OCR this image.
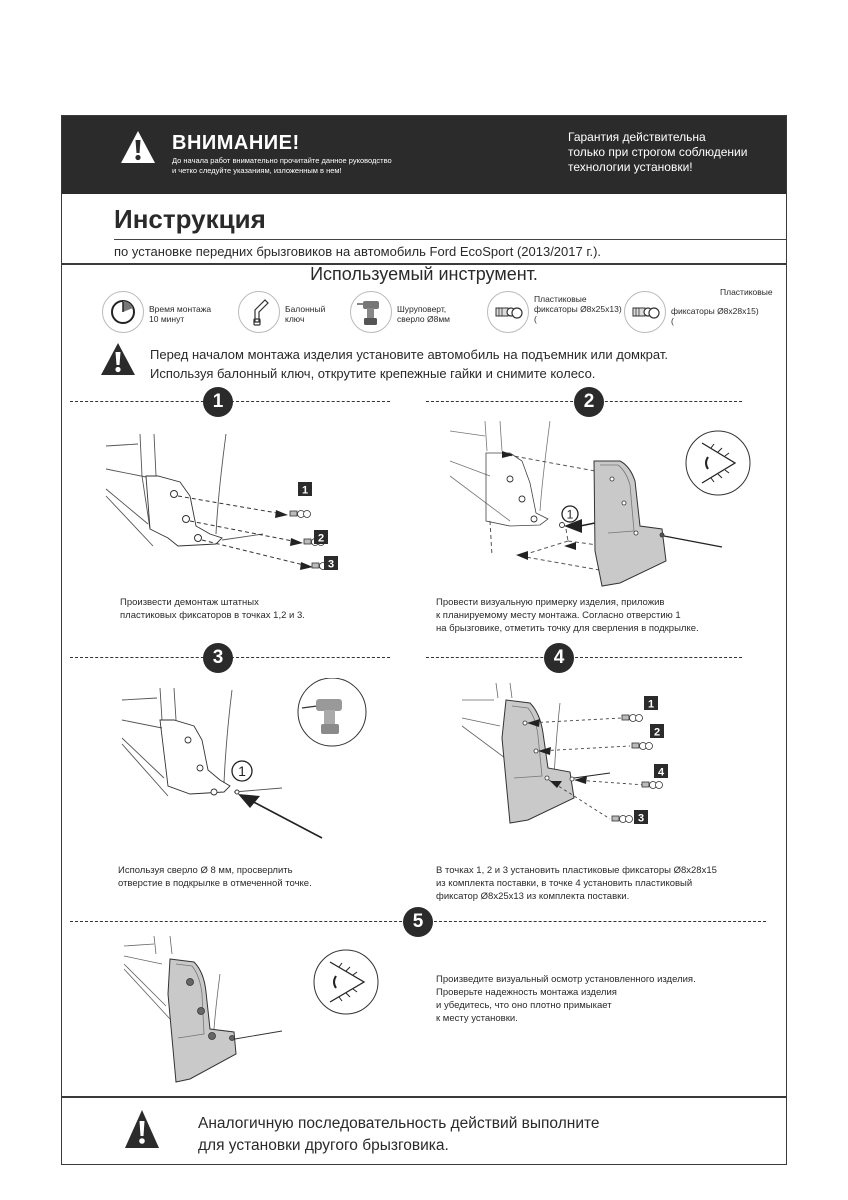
ВНИМАНИЕ!
До начала работ внимательно прочитайте данное руководство
и четко следуйте указаниям, изложенным в нем!
Гарантия действительна
только при строгом соблюдении
технологии установки!
Инструкция
по установке передних брызговиков на автомобиль Ford EcoSport (2013/2017 г.).
Используемый инструмент.
Время монтажа
10 минут
Балонный
ключ
Шуруповерт,
сверло Ø8мм
Пластиковые
фиксаторы Ø8x25x13)
(
Пластиковые
фиксаторы Ø8x28x15)
(
Перед началом монтажа изделия установите автомобиль на подъемник или домкрат.
Используя балонный ключ, открутите крепежные гайки и снимите колесо.
1	2
3	4
5
1
2
3
1
Произвести демонтаж штатных
пластиковых фиксаторов в точках 1,2 и 3.
Провести визуальную примерку изделия, приложив
к планируемому месту монтажа. Согласно отверстию 1
на брызговике, отметить точку для сверления в подкрылке.
1
1
2
4
3
Используя сверло Ø 8 мм, просверлить
отверстие в подкрылке в отмеченной точке.
В точках 1, 2 и 3 установить пластиковые фиксаторы Ø8x28x15
из комплекта поставки, в точке 4 установить пластиковый
фиксатор Ø8x25x13 из комплекта поставки.
Произведите визуальный осмотр установленного изделия.
Проверьте надежность монтажа изделия
и убедитесь, что оно плотно примыкает
к месту установки.
Аналогичную последовательность действий выполните
для установки другого брызговика.
